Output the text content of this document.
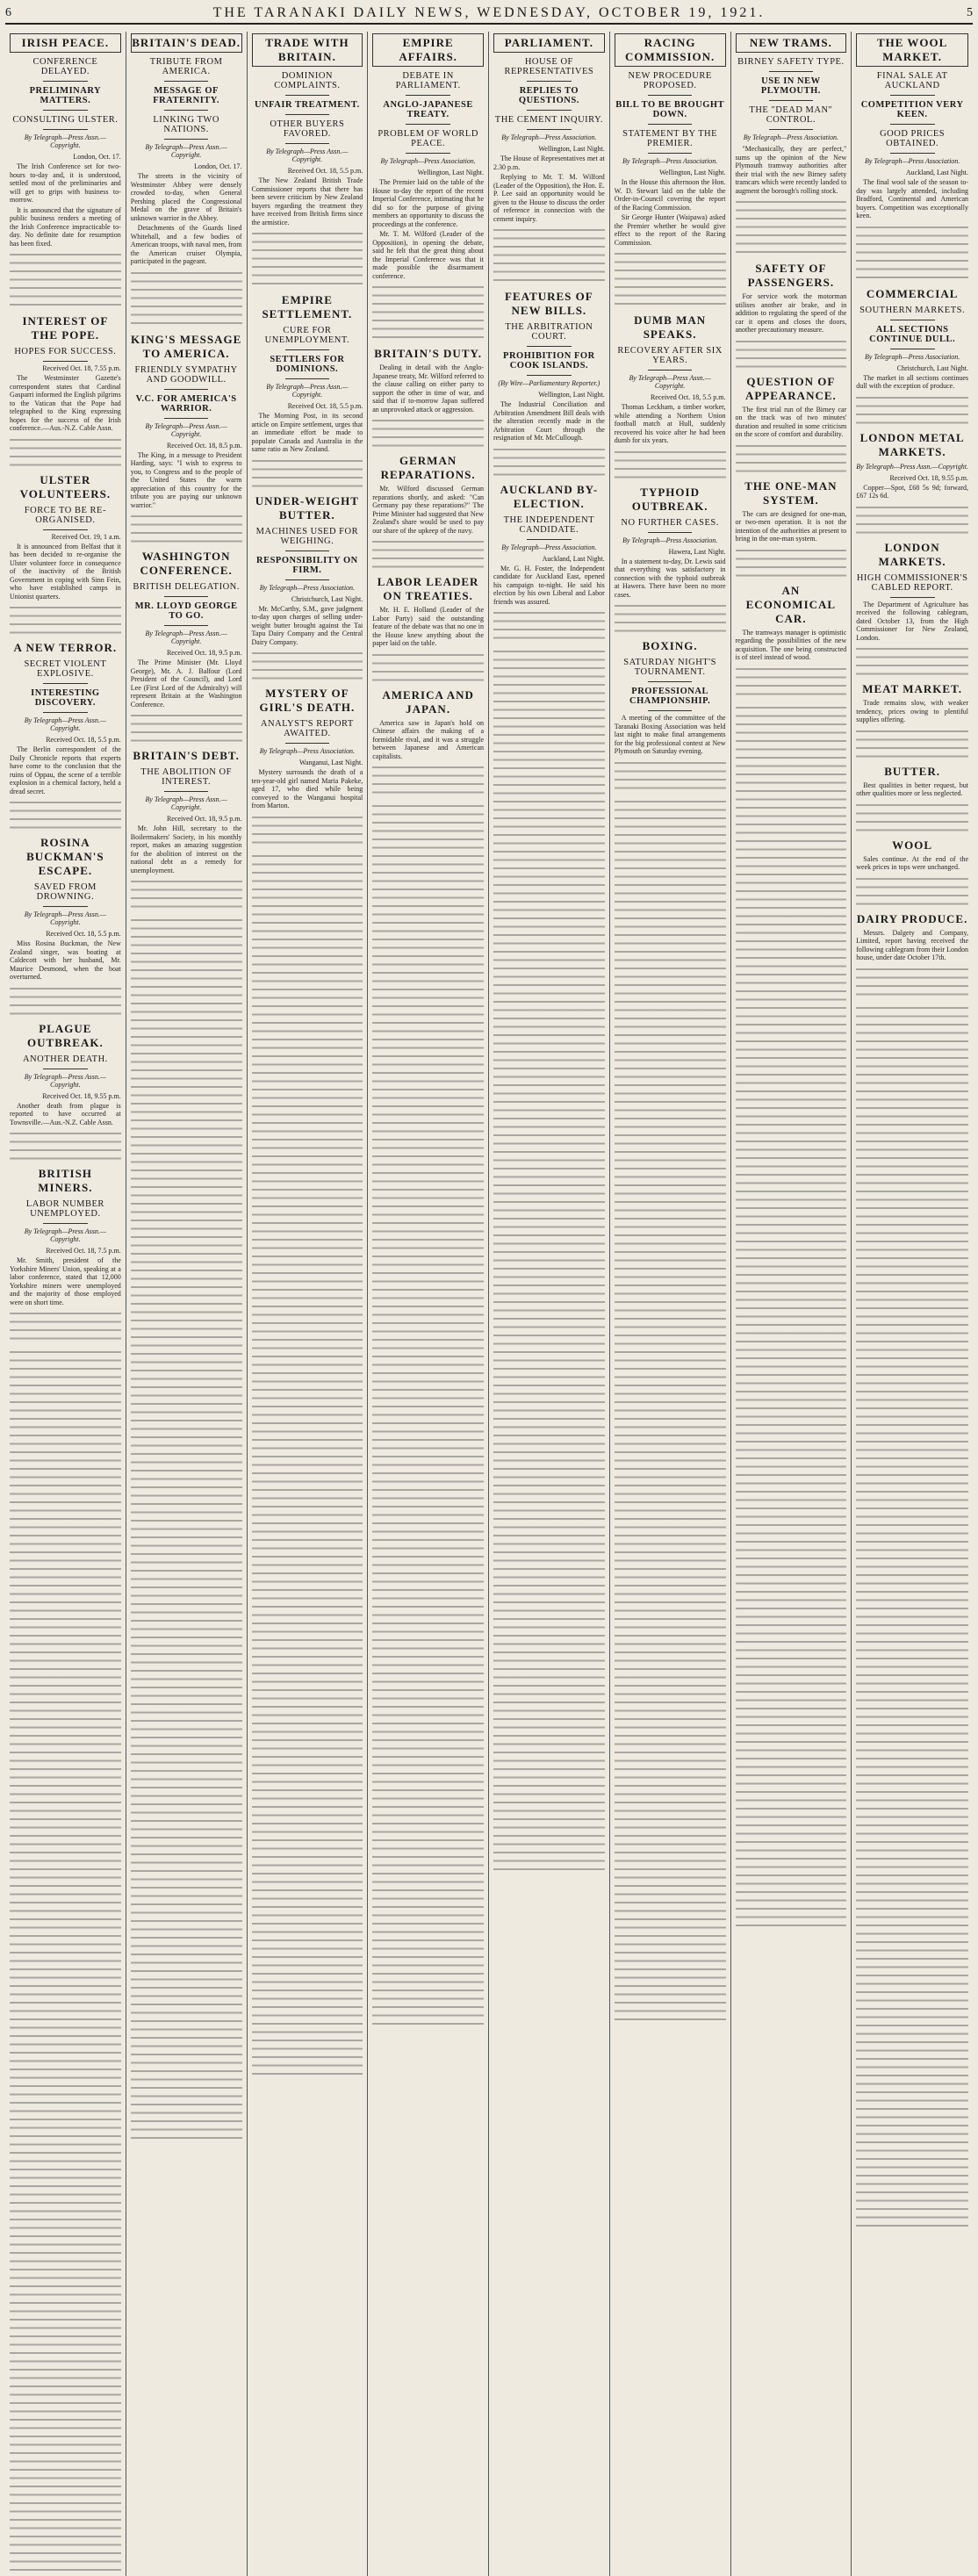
6	THE TARANAKI DAILY NEWS, WEDNESDAY, OCTOBER 19, 1921.	5
IRISH PEACE.
CONFERENCE DELAYED.
PRELIMINARY MATTERS.
CONSULTING ULSTER.
By Telegraph—Press Assn.—Copyright.
London, Oct. 17.

The Irish Conference set for two-hours to-day and, it is understood, settled most of the preliminaries and will get to grips with business to-morrow.

It is announced that the signature of public business renders a meeting of the Irish Conference impracticable to-day. No definite date for resumption has been fixed.

INTEREST OF THE POPE.
HOPES FOR SUCCESS.
Received Oct. 18, 7.55 p.m.

The Westminster Gazette's correspondent states that Cardinal Gasparri informed the English pilgrims to the Vatican that the Pope had telegraphed to the King expressing hopes for the success of the Irish conference.—Aus.-N.Z. Cable Assn.

ULSTER VOLUNTEERS.
FORCE TO BE RE-ORGANISED.
Received Oct. 19, 1 a.m.

It is announced from Belfast that it has been decided to re-organise the Ulster volunteer force in consequence of the inactivity of the British Government in coping with Sinn Fein, who have established camps in Unionist quarters.

A NEW TERROR.
SECRET VIOLENT EXPLOSIVE.
INTERESTING DISCOVERY.
By Telegraph—Press Assn.—Copyright.
Received Oct. 18, 5.5 p.m.

The Berlin correspondent of the Daily Chronicle reports that experts have come to the conclusion that the ruins of Oppau, the scene of a terrible explosion in a chemical factory, held a dread secret.

ROSINA BUCKMAN'S ESCAPE.
SAVED FROM DROWNING.
By Telegraph—Press Assn.—Copyright.
Received Oct. 18, 5.5 p.m.

Miss Rosina Buckman, the New Zealand singer, was boating at Caldecott with her husband, Mr. Maurice Desmond, when the boat overturned.

PLAGUE OUTBREAK.
ANOTHER DEATH.
By Telegraph—Press Assn.—Copyright.
Received Oct. 18, 9.55 p.m.

Another death from plague is reported to have occurred at Townsville.—Aus.-N.Z. Cable Assn.

BRITISH MINERS.
LABOR NUMBER UNEMPLOYED.
By Telegraph—Press Assn.—Copyright.
Received Oct. 18, 7.5 p.m.

Mr. Smith, president of the Yorkshire Miners' Union, speaking at a labor conference, stated that 12,000 Yorkshire miners were unemployed and the majority of those employed were on short time.

BRITAIN'S DEAD.
TRIBUTE FROM AMERICA.
MESSAGE OF FRATERNITY.
LINKING TWO NATIONS.
By Telegraph—Press Assn.—Copyright.
London, Oct. 17.

The streets in the vicinity of Westminster Abbey were densely crowded to-day, when General Pershing placed the Congressional Medal on the grave of Britain's unknown warrior in the Abbey.

Detachments of the Guards lined Whitehall, and a few bodies of American troops, with naval men, from the American cruiser Olympia, participated in the pageant.

KING'S MESSAGE TO AMERICA.
FRIENDLY SYMPATHY AND GOODWILL.
V.C. FOR AMERICA'S WARRIOR.
By Telegraph—Press Assn.—Copyright.
Received Oct. 18, 8.5 p.m.

The King, in a message to President Harding, says: "I wish to express to you, to Congress and to the people of the United States the warm appreciation of this country for the tribute you are paying our unknown warrior."

WASHINGTON CONFERENCE.
BRITISH DELEGATION.
MR. LLOYD GEORGE TO GO.
By Telegraph—Press Assn.—Copyright.
Received Oct. 18, 9.5 p.m.

The Prime Minister (Mr. Lloyd George), Mr. A. J. Balfour (Lord President of the Council), and Lord Lee (First Lord of the Admiralty) will represent Britain at the Washington Conference.

BRITAIN'S DEBT.
THE ABOLITION OF INTEREST.
By Telegraph—Press Assn.—Copyright.
Received Oct. 18, 9.5 p.m.

Mr. John Hill, secretary to the Boilermakers' Society, in his monthly report, makes an amazing suggestion for the abolition of interest on the national debt as a remedy for unemployment.

TRADE WITH BRITAIN.
DOMINION COMPLAINTS.
UNFAIR TREATMENT.
OTHER BUYERS FAVORED.
By Telegraph—Press Assn.—Copyright.
Received Oct. 18, 5.5 p.m.

The New Zealand British Trade Commissioner reports that there has been severe criticism by New Zealand buyers regarding the treatment they have received from British firms since the armistice.

EMPIRE SETTLEMENT.
CURE FOR UNEMPLOYMENT.
SETTLERS FOR DOMINIONS.
By Telegraph—Press Assn.—Copyright.
Received Oct. 18, 5.5 p.m.

The Morning Post, in its second article on Empire settlement, urges that an immediate effort be made to populate Canada and Australia in the same ratio as New Zealand.

UNDER-WEIGHT BUTTER.
MACHINES USED FOR WEIGHING.
RESPONSIBILITY ON FIRM.
By Telegraph—Press Association.
Christchurch, Last Night.

Mr. McCarthy, S.M., gave judgment to-day upon charges of selling under-weight butter brought against the Tai Tapu Dairy Company and the Central Dairy Company.

MYSTERY OF GIRL'S DEATH.
ANALYST'S REPORT AWAITED.
By Telegraph—Press Association.
Wanganui, Last Night.

Mystery surrounds the death of a ten-year-old girl named Maria Pakeke, aged 17, who died while being conveyed to the Wanganui hospital from Marton.

EMPIRE AFFAIRS.
DEBATE IN PARLIAMENT.
ANGLO-JAPANESE TREATY.
PROBLEM OF WORLD PEACE.
By Telegraph—Press Association.
Wellington, Last Night.

The Premier laid on the table of the House to-day the report of the recent Imperial Conference, intimating that he did so for the purpose of giving members an opportunity to discuss the proceedings at the conference.

Mr. T. M. Wilford (Leader of the Opposition), in opening the debate, said he felt that the great thing about the Imperial Conference was that it made possible the disarmament conference.

BRITAIN'S DUTY.

Dealing in detail with the Anglo-Japanese treaty, Mr. Wilford referred to the clause calling on either party to support the other in time of war, and said that if to-morrow Japan suffered an unprovoked attack or aggression.

GERMAN REPARATIONS.

Mr. Wilford discussed German reparations shortly, and asked: "Can Germany pay these reparations?" The Prime Minister had suggested that New Zealand's share would be used to pay our share of the upkeep of the navy.

LABOR LEADER ON TREATIES.

Mr. H. E. Holland (Leader of the Labor Party) said the outstanding feature of the debate was that no one in the House knew anything about the paper laid on the table.

AMERICA AND JAPAN.

America saw in Japan's hold on Chinese affairs the making of a formidable rival, and it was a struggle between Japanese and American capitalists.

PARLIAMENT.
HOUSE OF REPRESENTATIVES
REPLIES TO QUESTIONS.
THE CEMENT INQUIRY.
By Telegraph—Press Association.
Wellington, Last Night.

The House of Representatives met at 2.30 p.m.

Replying to Mr. T. M. Wilford (Leader of the Opposition), the Hon. E. P. Lee said an opportunity would be given to the House to discuss the order of reference in connection with the cement inquiry.

FEATURES OF NEW BILLS.
THE ARBITRATION COURT.
PROHIBITION FOR COOK ISLANDS.
(By Wire—Parliamentary Reporter.)
Wellington, Last Night.

The Industrial Conciliation and Arbitration Amendment Bill deals with the alteration recently made in the Arbitration Court through the resignation of Mr. McCullough.

AUCKLAND BY-ELECTION.
THE INDEPENDENT CANDIDATE.
By Telegraph—Press Association.
Auckland, Last Night.

Mr. G. H. Foster, the Independent candidate for Auckland East, opened his campaign to-night. He said his election by his own Liberal and Labor friends was assured.

RACING COMMISSION.
NEW PROCEDURE PROPOSED.
BILL TO BE BROUGHT DOWN.
STATEMENT BY THE PREMIER.
By Telegraph—Press Association.
Wellington, Last Night.

In the House this afternoon the Hon. W. D. Stewart laid on the table the Order-in-Council covering the report of the Racing Commission.

Sir George Hunter (Waipawa) asked the Premier whether he would give effect to the report of the Racing Commission.

DUMB MAN SPEAKS.
RECOVERY AFTER SIX YEARS.
By Telegraph—Press Assn.—Copyright.
Received Oct. 18, 5.5 p.m.

Thomas Leckham, a timber worker, while attending a Northern Union football match at Hull, suddenly recovered his voice after he had been dumb for six years.

TYPHOID OUTBREAK.
NO FURTHER CASES.
By Telegraph—Press Association.
Hawera, Last Night.

In a statement to-day, Dr. Lewis said that everything was satisfactory in connection with the typhoid outbreak at Hawera. There have been no more cases.

BOXING.
SATURDAY NIGHT'S TOURNAMENT.
PROFESSIONAL CHAMPIONSHIP.

A meeting of the committee of the Taranaki Boxing Association was held last night to make final arrangements for the big professional contest at New Plymouth on Saturday evening.

NEW TRAMS.
BIRNEY SAFETY TYPE.
USE IN NEW PLYMOUTH.
THE "DEAD MAN" CONTROL.
By Telegraph—Press Association.

"Mechanically, they are perfect," sums up the opinion of the New Plymouth tramway authorities after their trial with the new Birney safety tramcars which were recently landed to augment the borough's rolling stock.

SAFETY OF PASSENGERS.

For service work the motorman utilises another air brake, and in addition to regulating the speed of the car it opens and closes the doors, another precautionary measure.

QUESTION OF APPEARANCE.

The first trial run of the Birney car on the track was of two minutes' duration and resulted in some criticism on the score of comfort and durability.

THE ONE-MAN SYSTEM.

The cars are designed for one-man, or two-men operation. It is not the intention of the authorities at present to bring in the one-man system.

AN ECONOMICAL CAR.

The tramways manager is optimistic regarding the possibilities of the new acquisition. The one being constructed is of steel instead of wood.

THE WOOL MARKET.
FINAL SALE AT AUCKLAND
COMPETITION VERY KEEN.
GOOD PRICES OBTAINED.
By Telegraph—Press Association.
Auckland, Last Night.

The final wool sale of the season to-day was largely attended, including Bradford, Continental and American buyers. Competition was exceptionally keen.

COMMERCIAL
SOUTHERN MARKETS.
ALL SECTIONS CONTINUE DULL.
By Telegraph—Press Association.
Christchurch, Last Night.

The market in all sections continues dull with the exception of produce.

LONDON METAL MARKETS.
By Telegraph—Press Assn.—Copyright.
Received Oct. 18, 9.55 p.m.

Copper—Spot, £68 5s 9d; forward, £67 12s 6d.

LONDON MARKETS.
HIGH COMMISSIONER'S CABLED REPORT.

The Department of Agriculture has received the following cablegram, dated October 13, from the High Commissioner for New Zealand, London.

MEAT MARKET.

Trade remains slow, with weaker tendency, prices owing to plentiful supplies offering.

BUTTER.

Best qualities in better request, but other qualities more or less neglected.

WOOL

Sales continue. At the end of the week prices in tops were unchanged.

DAIRY PRODUCE.

Messrs. Dalgety and Company, Limited, report having received the following cablegram from their London house, under date October 17th.
